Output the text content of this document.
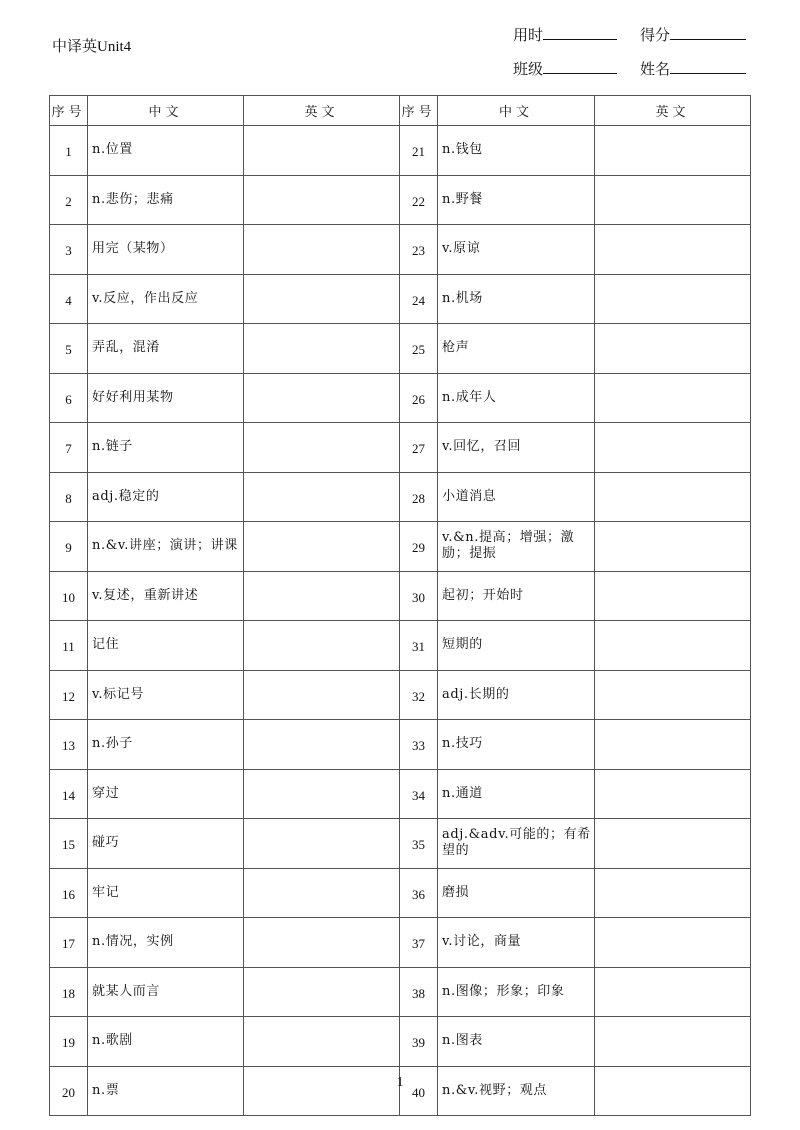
中译英Unit4
用时	得分
班级	姓名
序号	中文	英文	序号	中文	英文
1	n.位置		21	n.钱包	
2	n.悲伤；悲痛		22	n.野餐	
3	用完（某物）		23	v.原谅	
4	v.反应，作出反应		24	n.机场	
5	弄乱，混淆		25	枪声	
6	好好利用某物		26	n.成年人	
7	n.链子		27	v.回忆，召回	
8	adj.稳定的		28	小道消息	
9	n.&v.讲座；演讲；讲课		29	v.&n.提高；增强；激励；提振	
10	v.复述，重新讲述		30	起初；开始时	
11	记住		31	短期的	
12	v.标记号		32	adj.长期的	
13	n.孙子		33	n.技巧	
14	穿过		34	n.通道	
15	碰巧		35	adj.&adv.可能的；有希望的	
16	牢记		36	磨损	
17	n.情况，实例		37	v.讨论，商量	
18	就某人而言		38	n.图像；形象；印象	
19	n.歌剧		39	n.图表	
20	n.票		40	n.&v.视野；观点	
1
